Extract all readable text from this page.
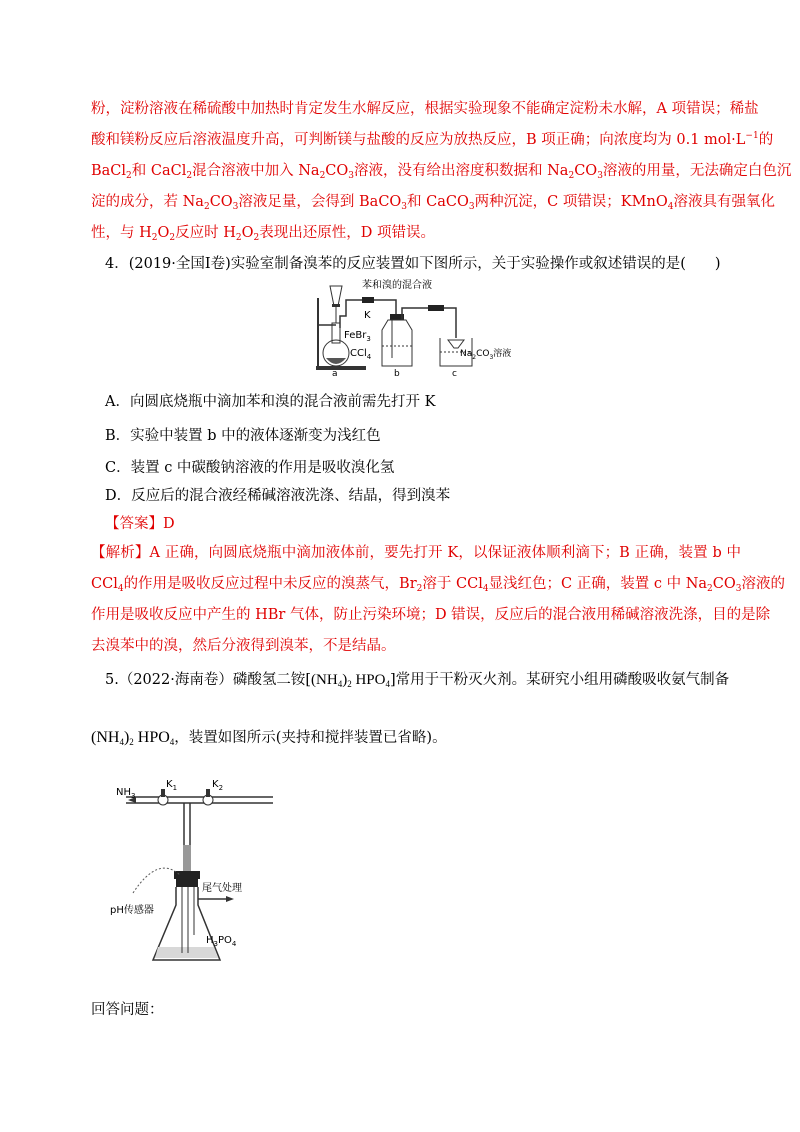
粉，淀粉溶液在稀硫酸中加热时肯定发生水解反应，根据实验现象不能确定淀粉未水解，A 项错误；稀盐
酸和镁粉反应后溶液温度升高，可判断镁与盐酸的反应为放热反应，B 项正确；向浓度均为 0.1 $mol\cdot L^{-1}$的
BaCl$_2$和 CaCl$_2$混合溶液中加入 $Na_2CO_3$溶液，没有给出溶度积数据和 $Na_2CO_3$溶液的用量，无法确定白色沉
淀的成分，若 $Na_2CO_3$溶液足量，会得到 BaCO$_3$和 CaCO$_3$两种沉淀，C 项错误；KMnO$_4$溶液具有强氧化
性，与 $H_2O_2$反应时 $H_2O_2$表现出还原性，D 项错误。
4．(2019·全国Ⅰ卷)实验室制备溴苯的反应装置如下图所示，关于实验操作或叙述错误的是(　　)
苯和溴的混合液
K
FeBr$_3$
CCl$_4$	$Na_2CO_3$溶液
a	b	c
A．向圆底烧瓶中滴加苯和溴的混合液前需先打开 K
B．实验中装置 b 中的液体逐渐变为浅红色
C．装置 c 中碳酸钠溶液的作用是吸收溴化氢
D．反应后的混合液经稀碱溶液洗涤、结晶，得到溴苯
【答案】D
【解析】A 正确，向圆底烧瓶中滴加液体前，要先打开 K，以保证液体顺利滴下；B 正确，装置 b 中
CCl$_4$的作用是吸收反应过程中未反应的溴蒸气，$Br_2$溶于 CCl$_4$显浅红色；C 正确，装置 c 中 $Na_2CO_3$溶液的
作用是吸收反应中产生的 HBr 气体，防止污染环境；D 错误，反应后的混合液用稀碱溶液洗涤，目的是除
去溴苯中的溴，然后分液得到溴苯，不是结晶。
5.（2022·海南卷）磷酸氢二铵[$(NH_4)_2$ $HPO_4$]常用于干粉灭火剂。某研究小组用磷酸吸收氨气制备
$(NH_4)_2$ $HPO_4$，装置如图所示(夹持和搅拌装置已省略)。
$NH_3$
$K_1$	$K_2$
尾气处理
pH传感器
$H_3PO_4$
回答问题：
